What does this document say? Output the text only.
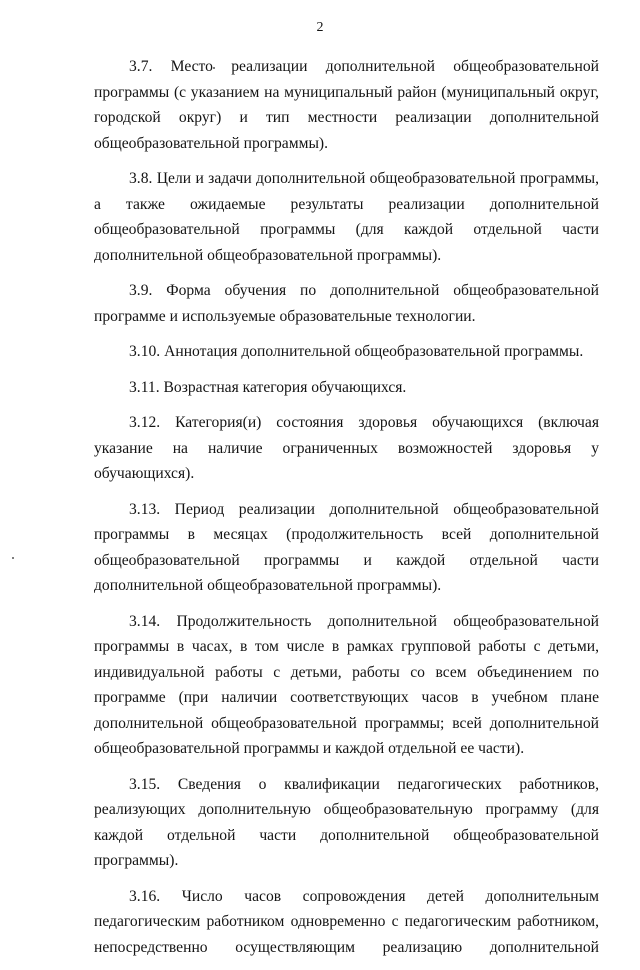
2

3.7. Место реализации дополнительной общеобразовательной программы (с указанием на муниципальный район (муниципальный округ, городской округ) и тип местности реализации дополнительной общеобразовательной программы).

3.8. Цели и задачи дополнительной общеобразовательной программы, а также ожидаемые результаты реализации дополнительной общеобразовательной программы (для каждой отдельной части дополнительной общеобразовательной программы).

3.9. Форма обучения по дополнительной общеобразовательной программе и используемые образовательные технологии.

3.10. Аннотация дополнительной общеобразовательной программы.

3.11. Возрастная категория обучающихся.

3.12. Категория(и) состояния здоровья обучающихся (включая указание на наличие ограниченных возможностей здоровья у обучающихся).

3.13. Период реализации дополнительной общеобразовательной программы в месяцах (продолжительность всей дополнительной общеобразовательной программы и каждой отдельной части дополнительной общеобразовательной программы).

3.14. Продолжительность дополнительной общеобразовательной программы в часах, в том числе в рамках групповой работы с детьми, индивидуальной работы с детьми, работы со всем объединением по программе (при наличии соответствующих часов в учебном плане дополнительной общеобразовательной программы; всей дополнительной общеобразовательной программы и каждой отдельной ее части).

3.15. Сведения о квалификации педагогических работников, реализующих дополнительную общеобразовательную программу (для каждой отдельной части дополнительной общеобразовательной программы).

3.16. Число часов сопровождения детей дополнительным педагогическим работником одновременно с педагогическим работником, непосредственно осуществляющим реализацию дополнительной
